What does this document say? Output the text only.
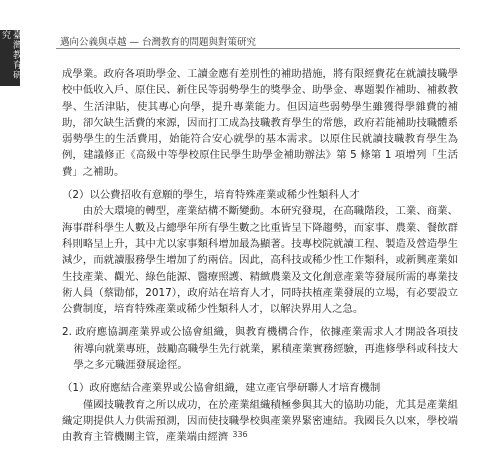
臺灣教育研究
邁向公義與卓越 — 台灣教育的問題與對策研究

成學業。政府各項助學金、工讀金應有差別性的補助措施，將有限經費花在就讀技職學校中低收入戶、原住民、新住民等弱勢學生的獎學金、助學金、專題製作補助、補救教學、生活津貼，使其專心向學，提升專業能力。但因這些弱勢學生雖獲得學雜費的補助，卻欠缺生活費的來源，因而打工成為技職教育學生的常態，政府若能補助技職體系弱勢學生的生活費用，始能符合安心就學的基本需求。以原住民就讀技職教育學生為例，建議修正《高級中等學校原住民學生助學金補助辦法》第 5 條第 1 項增列「生活費」之補助。

（2）以公費招收有意願的學生，培育特殊產業或稀少性類科人才

由於大環境的轉型，產業結構不斷變動。本研究發現，在高職階段，工業、商業、海事群科學生人數及占總學年所有學生數之比重皆呈下降趨勢，而家事、農業、餐飲群科則略呈上升，其中尤以家事類科增加最為顯著。技專校院就讀工程、製造及營造學生減少，而就讀服務學生增加了約兩倍。因此，高科技或稀少性工作類科，或新興產業如生技產業、觀光、綠色能源、醫療照護、精緻農業及文化創意產業等發展所需的專業技術人員（蔡勖郁，2017），政府站在培育人才，同時扶植產業發展的立場，有必要設立公費制度，培育特殊產業或稀少性類科人才，以解決界用人之急。

2. 政府應協調產業界或公協會組織，與教育機構合作，依據產業需求人才開設各項技術導向就業專班，鼓勵高職學生先行就業，累積產業實務經驗，再進修學科或科技大學之多元職涯發展途徑。

（1）政府應結合產業界或公協會組織，建立產官學研聯人才培育機制

僅國技職教育之所以成功，在於產業組織積極參與其大的協助功能，尤其是產業組織定期提供人力供需預測，因而使技職學校與產業界緊密連結。我國長久以來，學校端由教育主管機關主管，產業端由經濟 336
